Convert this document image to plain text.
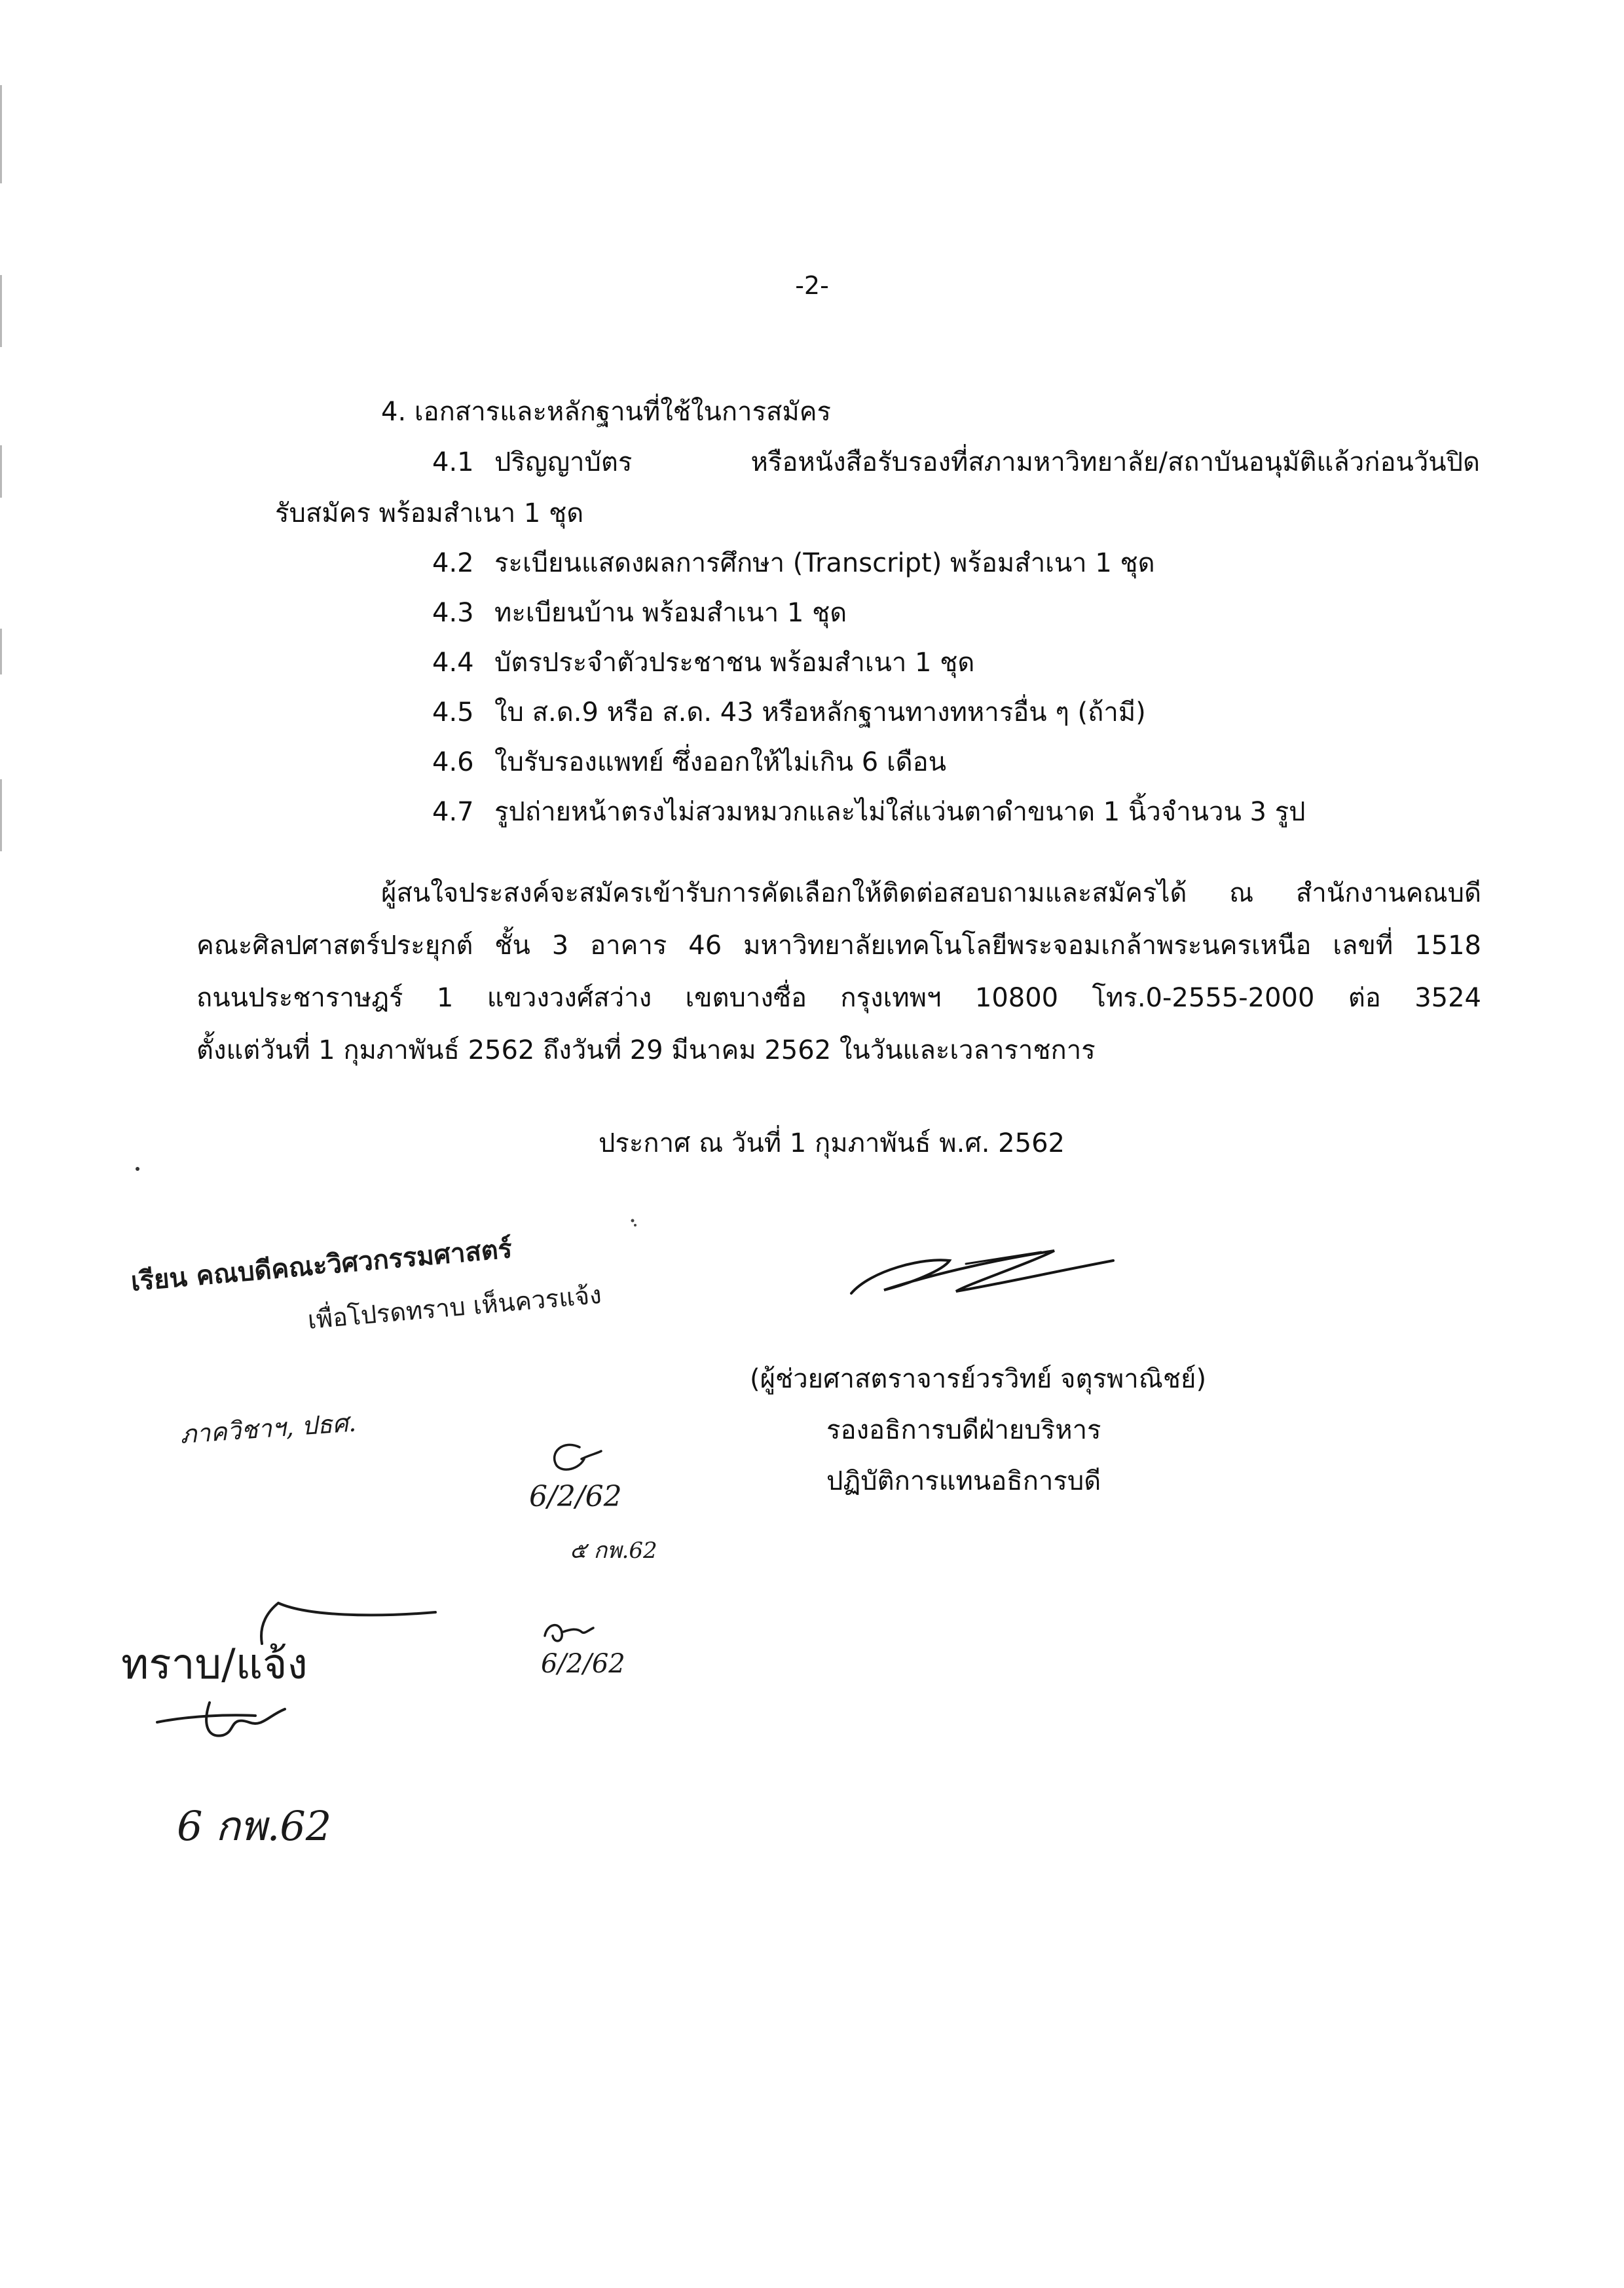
-2-
4. เอกสารและหลักฐานที่ใช้ในการสมัคร
4.1 ปริญญาบัตร หรือหนังสือรับรองที่สภามหาวิทยาลัย/สถาบันอนุมัติแล้วก่อนวันปิด
รับสมัคร พร้อมสำเนา 1 ชุด
4.2 ระเบียนแสดงผลการศึกษา (Transcript) พร้อมสำเนา 1 ชุด
4.3 ทะเบียนบ้าน พร้อมสำเนา 1 ชุด
4.4 บัตรประจำตัวประชาชน พร้อมสำเนา 1 ชุด
4.5 ใบ ส.ด.9 หรือ ส.ด. 43 หรือหลักฐานทางทหารอื่น ๆ (ถ้ามี)
4.6 ใบรับรองแพทย์ ซึ่งออกให้ไม่เกิน 6 เดือน
4.7 รูปถ่ายหน้าตรงไม่สวมหมวกและไม่ใส่แว่นตาดำขนาด 1 นิ้วจำนวน 3 รูป
ผู้สนใจประสงค์จะสมัครเข้ารับการคัดเลือกให้ติดต่อสอบถามและสมัครได้ ณ สำนักงานคณบดี
คณะศิลปศาสตร์ประยุกต์ ชั้น 3 อาคาร 46 มหาวิทยาลัยเทคโนโลยีพระจอมเกล้าพระนครเหนือ เลขที่ 1518
ถนนประชาราษฎร์ 1 แขวงวงศ์สว่าง เขตบางซื่อ กรุงเทพฯ 10800 โทร.0-2555-2000 ต่อ 3524
ตั้งแต่วันที่ 1 กุมภาพันธ์ 2562 ถึงวันที่ 29 มีนาคม 2562 ในวันและเวลาราชการ
ประกาศ ณ วันที่ 1 กุมภาพันธ์ พ.ศ. 2562
(ผู้ช่วยศาสตราจารย์วรวิทย์ จตุรพาณิชย์)
รองอธิการบดีฝ่ายบริหาร
ปฏิบัติการแทนอธิการบดี
เรียน คณบดีคณะวิศวกรรมศาสตร์
เพื่อโปรดทราบ เห็นควรแจ้ง
ภาควิชาฯ, ปธศ.
6/2/62
๕ กพ.62
6/2/62
ทราบ/แจ้ง
6 กพ.62
